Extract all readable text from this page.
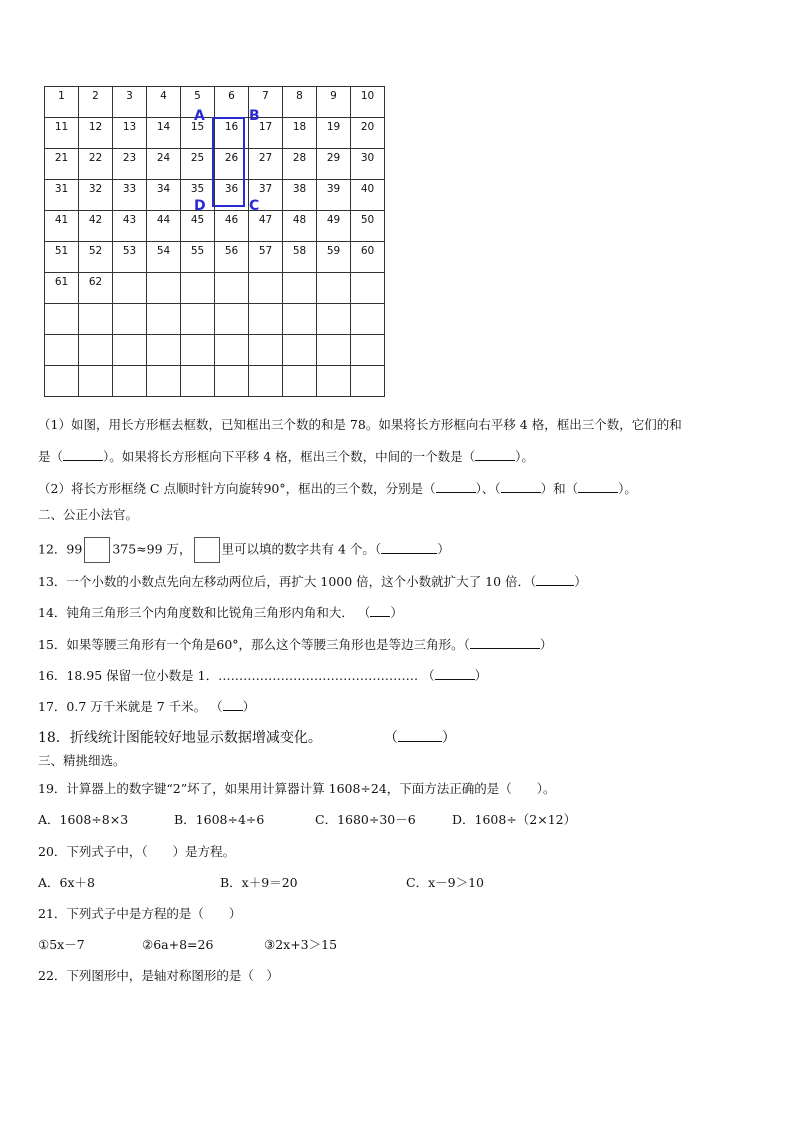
1	2	3	4	5	6	7	8	9	10
11	12	13	14	15	16	17	18	19	20
21	22	23	24	25	26	27	28	29	30
31	32	33	34	35	36	37	38	39	40
41	42	43	44	45	46	47	48	49	50
51	52	53	54	55	56	57	58	59	60
61	62								

A	B
D	C
（1）如图，用长方形框去框数，已知框出三个数的和是 78。如果将长方形框向右平移 4 格，框出三个数，它们的和
是（	）。如果将长方形框向下平移 4 格，框出三个数，中间的一个数是（	）。
（2）将长方形框绕 C 点顺时针方向旋转90°，框出的三个数，分别是（	）、（	）和（	）。
二、公正小法官。
12．99 375≈99 万， 里可以填的数字共有 4 个。（	）
13．一个小数的小数点先向左移动两位后，再扩大 1000 倍，这个小数就扩大了 10 倍．（	）
14．钝角三角形三个内角度数和比锐角三角形内角和大． （ ）
15．如果等腰三角形有一个角是60°，那么这个等腰三角形也是等边三角形。（	）
16．18.95 保留一位小数是 1．………………………………………… （	）
17．0.7 万千米就是 7 千米。 （ ）
18．折线统计图能较好地显示数据增减变化。	（	）
三、精挑细选。
19．计算器上的数字键“2”坏了，如果用计算器计算 1608÷24，下面方法正确的是（　　）。
A．1608÷8×3	B．1608÷4÷6	C．1680÷30－6	D．1608÷（2×12）
20．下列式子中，（　　）是方程。
A．6x＋8	B．x＋9＝20	C．x－9＞10
21．下列式子中是方程的是（　　）
①5x－7	②6a+8=26	③2x+3＞15
22．下列图形中，是轴对称图形的是（　）
